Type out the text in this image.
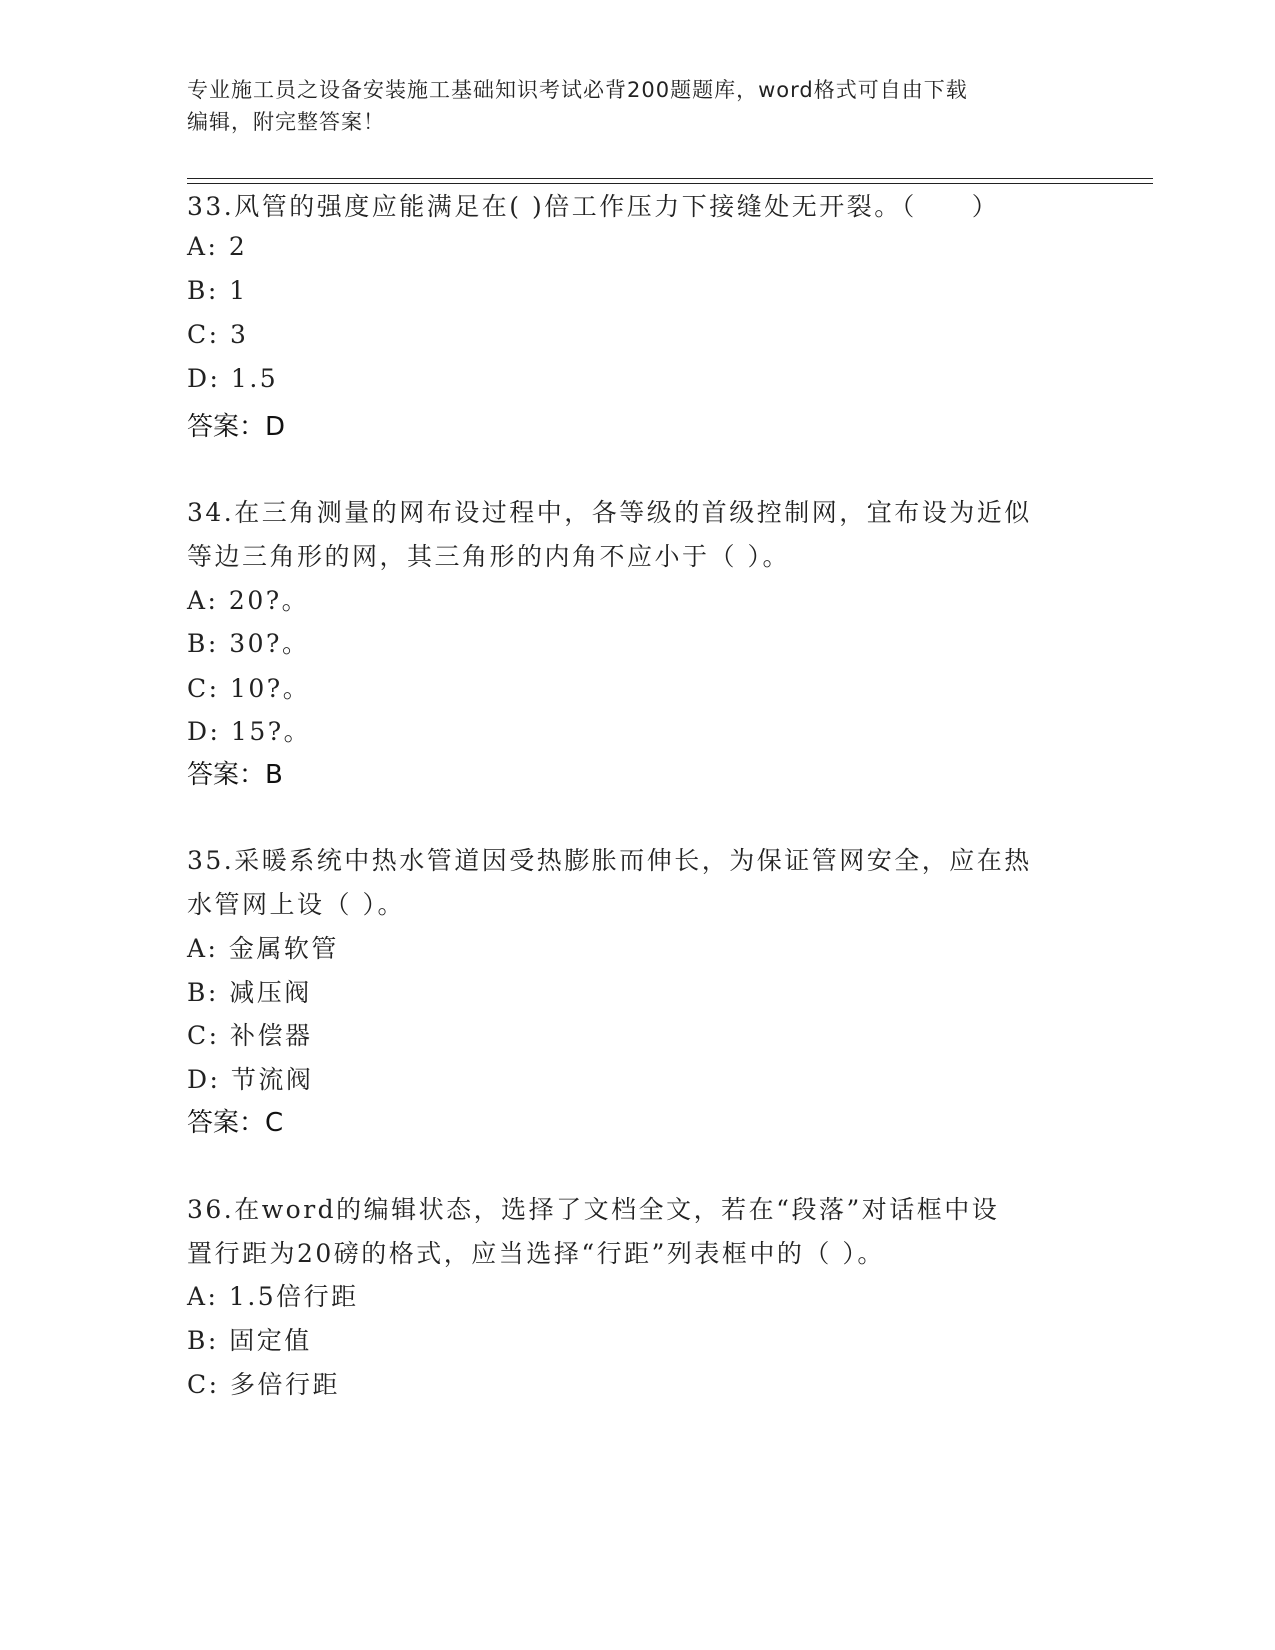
专业施工员之设备安装施工基础知识考试必背200题题库，word格式可自由下载
编辑，附完整答案！
33.风管的强度应能满足在( )倍工作压力下接缝处无开裂。（　　）
A: 2
B: 1
C: 3
D: 1.5
答案：D
34.在三角测量的网布设过程中，各等级的首级控制网，宜布设为近似
等边三角形的网，其三角形的内角不应小于（ ）。
A: 20?。
B: 30?。
C: 10?。
D: 15?。
答案：B
35.采暖系统中热水管道因受热膨胀而伸长，为保证管网安全，应在热
水管网上设（ ）。
A: 金属软管
B: 减压阀
C: 补偿器
D: 节流阀
答案：C
36.在word的编辑状态，选择了文档全文，若在“段落”对话框中设
置行距为20磅的格式，应当选择“行距”列表框中的（ ）。
A: 1.5倍行距
B: 固定值
C: 多倍行距
